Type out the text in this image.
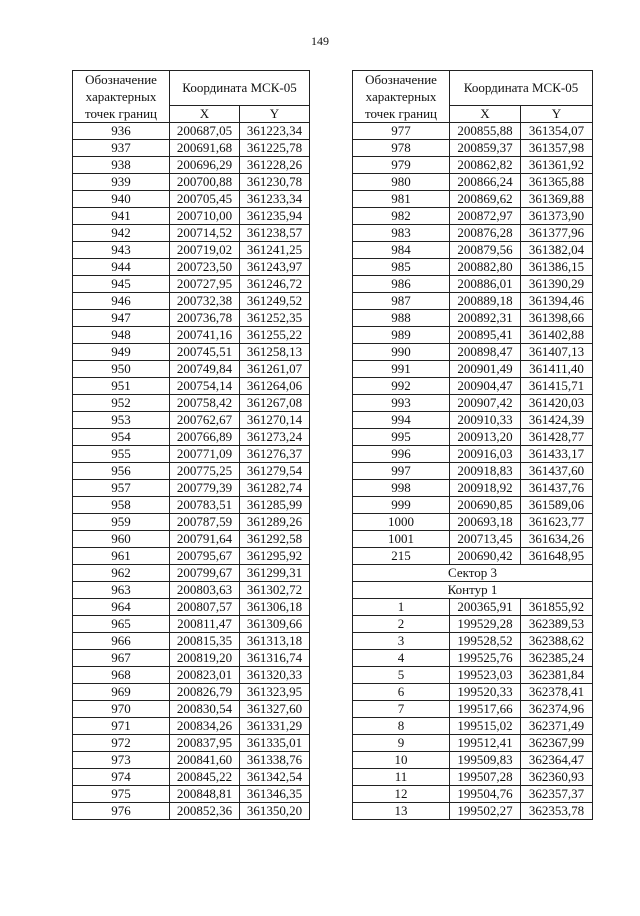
149
Обозначение характерных точек границ	Координата МСК-05	
	X	Y
936	200687,05	361223,34
937	200691,68	361225,78
938	200696,29	361228,26
939	200700,88	361230,78
940	200705,45	361233,34
941	200710,00	361235,94
942	200714,52	361238,57
943	200719,02	361241,25
944	200723,50	361243,97
945	200727,95	361246,72
946	200732,38	361249,52
947	200736,78	361252,35
948	200741,16	361255,22
949	200745,51	361258,13
950	200749,84	361261,07
951	200754,14	361264,06
952	200758,42	361267,08
953	200762,67	361270,14
954	200766,89	361273,24
955	200771,09	361276,37
956	200775,25	361279,54
957	200779,39	361282,74
958	200783,51	361285,99
959	200787,59	361289,26
960	200791,64	361292,58
961	200795,67	361295,92
962	200799,67	361299,31
963	200803,63	361302,72
964	200807,57	361306,18
965	200811,47	361309,66
966	200815,35	361313,18
967	200819,20	361316,74
968	200823,01	361320,33
969	200826,79	361323,95
970	200830,54	361327,60
971	200834,26	361331,29
972	200837,95	361335,01
973	200841,60	361338,76
974	200845,22	361342,54
975	200848,81	361346,35
976	200852,36	361350,20
Обозначение характерных точек границ	Координата МСК-05	
	X	Y
977	200855,88	361354,07
978	200859,37	361357,98
979	200862,82	361361,92
980	200866,24	361365,88
981	200869,62	361369,88
982	200872,97	361373,90
983	200876,28	361377,96
984	200879,56	361382,04
985	200882,80	361386,15
986	200886,01	361390,29
987	200889,18	361394,46
988	200892,31	361398,66
989	200895,41	361402,88
990	200898,47	361407,13
991	200901,49	361411,40
992	200904,47	361415,71
993	200907,42	361420,03
994	200910,33	361424,39
995	200913,20	361428,77
996	200916,03	361433,17
997	200918,83	361437,60
998	200918,92	361437,76
999	200690,85	361589,06
1000	200693,18	361623,77
1001	200713,45	361634,26
215	200690,42	361648,95
Сектор 3		
Контур 1		
1	200365,91	361855,92
2	199529,28	362389,53
3	199528,52	362388,62
4	199525,76	362385,24
5	199523,03	362381,84
6	199520,33	362378,41
7	199517,66	362374,96
8	199515,02	362371,49
9	199512,41	362367,99
10	199509,83	362364,47
11	199507,28	362360,93
12	199504,76	362357,37
13	199502,27	362353,78
